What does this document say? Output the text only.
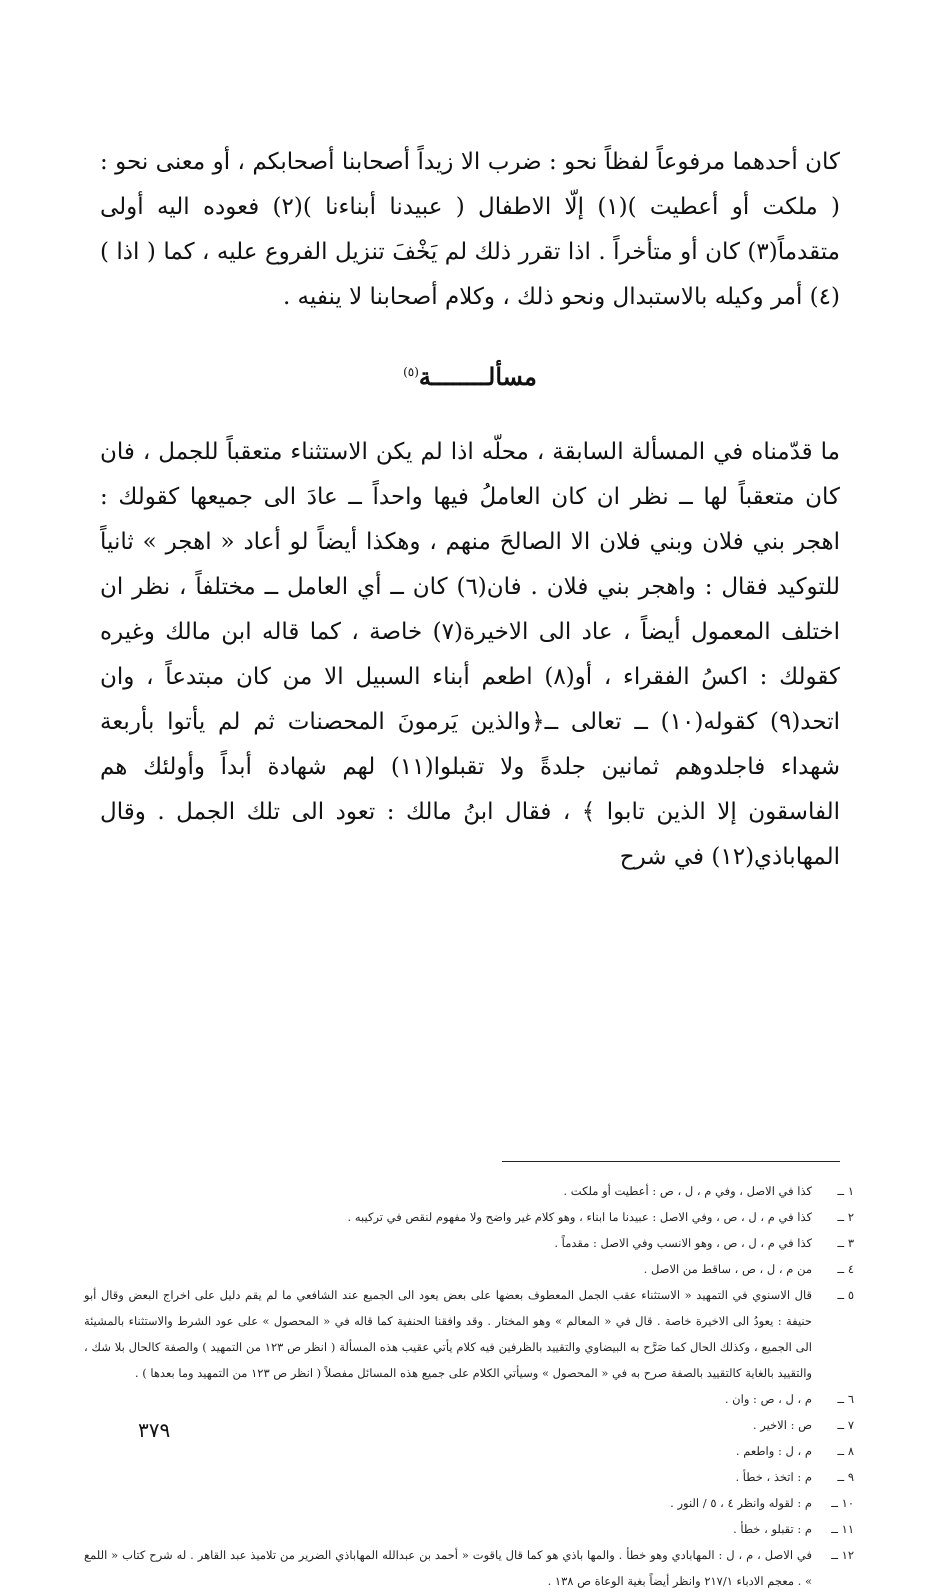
كان أحدهما مرفوعاً لفظاً نحو : ضرب الا زيداً أصحابنا أصحابكم ، أو معنى نحو : ( ملكت أو أعطيت )(١) إلّا الاطفال ( عبيدنا أبناءنا )(٢) فعوده اليه أولى متقدماً(٣) كان أو متأخراً . اذا تقرر ذلك لم يَخْفَ تنزيل الفروع عليه ، كما ( اذا )(٤) أمر وكيله بالاستبدال ونحو ذلك ، وكلام أصحابنا لا ينفيه .

مسألــــــــة$^{(٥)}$

ما قدّمناه في المسألة السابقة ، محلّه اذا لم يكن الاستثناء متعقباً للجمل ، فان كان متعقباً لها ــ نظر ان كان العاملُ فيها واحداً ــ عادَ الى جميعها كقولك : اهجر بني فلان وبني فلان الا الصالحَ منهم ، وهكذا أيضاً لو أعاد « اهجر » ثانياً للتوكيد فقال : واهجر بني فلان . فان(٦) كان ــ أي العامل ــ مختلفاً ، نظر ان اختلف المعمول أيضاً ، عاد الى الاخيرة(٧) خاصة ، كما قاله ابن مالك وغيره كقولك : اكسُ الفقراء ، أو(٨) اطعم أبناء السبيل الا من كان مبتدعاً ، وان اتحد(٩) كقوله(١٠) ــ تعالى ــ﴿والذين يَرمونَ المحصنات ثم لم يأتوا بأربعة شهداء فاجلدوهم ثمانين جلدةً ولا تقبلوا(١١) لهم شهادة أبداً وأولئك هم الفاسقون إلا الذين تابوا ﴾ ، فقال ابنُ مالك : تعود الى تلك الجمل . وقال المهاباذي(١٢) في شرح

١ ــ
كذا في الاصل ، وفي م ، ل ، ص : أعطيت أو ملكت .
٢ ــ
كذا في م ، ل ، ص ، وفي الاصل : عبيدنا ما ابناء ، وهو كلام غير واضح ولا مفهوم لنقص في تركيبه .
٣ ــ
كذا في م ، ل ، ص ، وهو الانسب وفي الاصل : مقدماً .
٤ ــ
من م ، ل ، ص ، ساقط من الاصل .
٥ ــ
قال الاسنوي في التمهيد « الاستثناء عقب الجمل المعطوف بعضها على بعض يعود الى الجميع عند الشافعي ما لم يقم دليل على اخراج البعض وقال أبو حنيفة : يعودُ الى الاخيرة خاصة . قال في « المعالم » وهو المختار . وقد وافقنا الحنفية كما قاله في « المحصول » على عود الشرط والاستثناء بالمشيئة الى الجميع ، وكذلك الحال كما صَرَّح به البيضاوي والتقييد بالظرفين فيه كلام يأتي عقيب هذه المسألة ( انظر ص ١٢٣ من التمهيد ) والصفة كالحال بلا شك ، والتقييد بالغاية كالتقييد بالصفة صرح به في « المحصول » وسيأتي الكلام على جميع هذه المسائل مفصلاً ( انظر ص ١٢٣ من التمهيد وما بعدها ) .
٦ ــ
م ، ل ، ص : وان .
٧ ــ
ص : الاخير .
٨ ــ
م ، ل : واطعم .
٩ ــ
م : اتخذ ، خطأ .
١٠ ــ
م : لقوله وانظر ٤ ، ٥ / النور .
١١ ــ
م : تقبلو ، خطأ .
١٢ ــ
في الاصل ، م ، ل : المهابادي وهو خطأ . والمها باذي هو كما قال ياقوت « أحمد بن عبدالله المهاباذي الضرير من تلاميذ عبد القاهر . له شرح كتاب « اللمع » . معجم الادباء ٢١٧/١ وانظر أيضاً بغية الوعاة ص ١٣٨ .
٣٧٩
